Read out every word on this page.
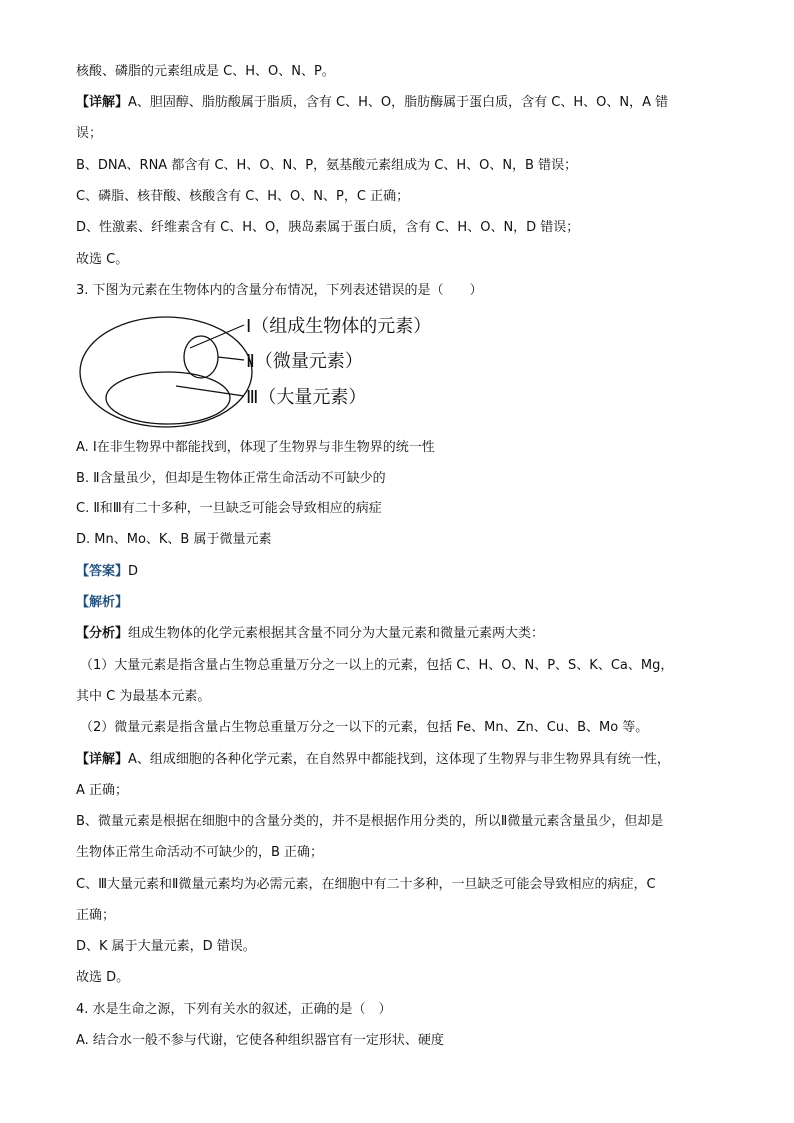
核酸、磷脂的元素组成是 C、H、O、N、P。
【详解】A、胆固醇、脂肪酸属于脂质，含有 C、H、O，脂肪酶属于蛋白质，含有 C、H、O、N，A 错
误；
B、DNA、RNA 都含有 C、H、O、N、P，氨基酸元素组成为 C、H、O、N，B 错误；
C、磷脂、核苷酸、核酸含有 C、H、O、N、P，C 正确；
D、性激素、纤维素含有 C、H、O，胰岛素属于蛋白质，含有 C、H、O、N，D 错误；
故选 C。
3. 下图为元素在生物体内的含量分布情况，下列表述错误的是（　　）
Ⅰ（组成生物体的元素）
Ⅱ（微量元素）
Ⅲ（大量元素）
A. Ⅰ在非生物界中都能找到，体现了生物界与非生物界的统一性
B. Ⅱ含量虽少，但却是生物体正常生命活动不可缺少的
C. Ⅱ和Ⅲ有二十多种，一旦缺乏可能会导致相应的病症
D. Mn、Mo、K、B 属于微量元素
【答案】D
【解析】
【分析】组成生物体的化学元素根据其含量不同分为大量元素和微量元素两大类：
（1）大量元素是指含量占生物总重量万分之一以上的元素，包括 C、H、O、N、P、S、K、Ca、Mg，
其中 C 为最基本元素。
（2）微量元素是指含量占生物总重量万分之一以下的元素，包括 Fe、Mn、Zn、Cu、B、Mo 等。
【详解】A、组成细胞的各种化学元素，在自然界中都能找到，这体现了生物界与非生物界具有统一性，
A 正确；
B、微量元素是根据在细胞中的含量分类的，并不是根据作用分类的，所以Ⅱ微量元素含量虽少，但却是
生物体正常生命活动不可缺少的，B 正确；
C、Ⅲ大量元素和Ⅱ微量元素均为必需元素，在细胞中有二十多种，一旦缺乏可能会导致相应的病症，C
正确；
D、K 属于大量元素，D 错误。
故选 D。
4. 水是生命之源，下列有关水的叙述，正确的是（　）
A. 结合水一般不参与代谢，它使各种组织器官有一定形状、硬度
